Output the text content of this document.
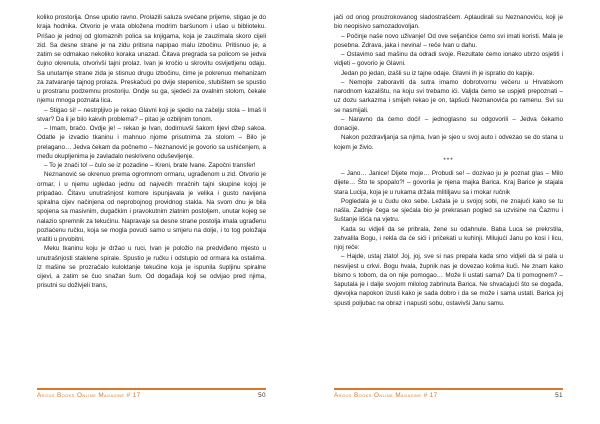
koliko prostorija. Onse uputio ravno. Prolazili saluza svečane prijeme, stigao je do kraja hodnika. Otvorio je vrata obložena modrim baršunom i ušao u biblioteku. Prišao je jednoj od glomaznih polica sa knjigama, koja je zauzimala skoro cijeli zid. Sa desne strane je na zidu pritisna napipao malu izbočinu. Pritisnuo je, a zatim se odmakao nekoliko koraka unazad. Čitava pregrada sa policom se jedva čujno okrenula, otvorivši tajni prolaz. Ivan je kročio u skrovitu osvijetljenu odaju. Sa unutarnje strane zida je stisnuo drugu izbočinu, čime je pokrenuo mehanizam za zatvaranje tajnog prolaza. Preskačući po dvije stepenice, stubištem se spustio u prostranu podzemnu prostoriju. Ondje su ga, sjedeći za ovalnim stolom, čekale njemu mnoga poznata lica.

– Stigao si! – nestrpljivo je rekao Glavni koji je sjedio na začelju stola – Imaš li stvar? Da li je bilo kakvih problema? – pitao je ozbiljnim tonom.

– Imam, bračo. Ovdje je! – rekao je Ivan, dodirnuvši šakom lijevi džep sakoa. Odatle je izvadio tkaninu i mahnuo njome prisutnima za stolom – Bilo je prelagano… Jedva čekam da počnemo – Neznanović je govorio sa ushićenjem, a među okupljenima je zavladalo neskriveno oduševljenje.

– To je znači to! – čulo se iz pozadine – Kreni, brate Ivane. Započni transfer!

Neznanović se okrenuo prema ogromnom ormaru, ugrađenom u zid. Otvorio je ormar, i u njemu ugledao jednu od najvećih mračnih tajni skupine kojoj je pripadao. Čitavu unutrašnjost komore ispunjavala je velika i gusto navijena spiralna cijev načinjena od neprobojnog providnog stakla. Na svom dnu je bila spojena sa masivnim, dugačkim i pravokutnim zlatnim postoljem, unutar kojeg se nalazio spremnik za tekućinu. Napravaje sa desne strane postolja imala ugrađenu pozlaćenu ručku, koja se mogla povući samo u smjeru na dolje, i to tog položaja vratiti u prvobitni.

Meku tkaninu koju je držao u ruci, Ivan je položio na predviđeno mjesto u unutrašnjosti staklene spirale. Spustio je ručku i odstupio od ormara ka ostalima. Iz mašine se prozračalo kuloktanje tekućine koja je ispunila šupljinu spiralne cijevi, a zatim se čuo snažan šum. Od događaja koji se odvijao pred njima, prisutni su doživjeli trans,

Argus Books Online Magazine # 17	50

jači od onog prouzrokovanog sladostrašćem. Aplaudirali su Neznanoviću, koji je bio neopisivo samozadovoljan.

– Počinje naše novo uživanje! Od ove seljančice ćemo svi imati koristi. Mala je posebna. Zdrava, jaka i nevina! – reče Ivan u dahu.

– Ostavimo sad mašinu da odradi svoje. Rezultate ćemo ionako ubrzo osjetiti i vidjeti – govorio je Glavni.

Jedan po jedan, izašli su iz tajne odaje. Glavni ih je ispratio do kapije.

– Nemojte zaboraviti da sutra imamo dobrotvornu večeru u Hrvatskom narodnom kazalištu, na koju svi trebamo ići. Valjda ćemo se uspjeti prepoznati – uz dozu sarkazma i smijeh rekao je on, tapšući Neznanovića po ramenu. Svi su se nasmijali.

– Naravno da ćemo doći! – jednoglasno su odgovorili – Jedva čekamo donacije.

Nakon pozdravljanja sa njima, Ivan je sjeo u svoj auto i odvezao se do stana u kojem je živio.

***

– Jano… Janice! Dijete moje… Probudi se! – dozivao ju je poznat glas – Milo dijete… Što te spopalo?! – govorila je njena majka Barica. Kraj Barice je stajala stara Lucija, koja je u rukama držala mlitiljavu sa i mokar ručnik

Pogledala je u čudu oko sebe. Ležala je u svojoj sobi, ne znajući kako se tu našla. Zadnje čega se sjećala bio je prekrasan pogled sa uzvisine na Čazmu i šuštanje lišća na vjetru.

Kada su vidjeli da se pribrala, žene su odahnule. Baba Luca se prekrstila, zahvalila Bogu, i rekla da će sići i pričekati u kuhinji. Milujući Janu po kosi i licu, njoj reče:

– Hajde, ustaj zlato! Joj, joj, sve si nas prepala kada smo vidjeli da si pala u nesvijest u crkvi. Bogu hvala, župnik nas je dovezao kolima kući. Ne znam kako bismo s tobom, da on nije pomogao… Može li ustati sama? Da ti pomognem? – šaputala je i dalje svojom milolog zabrinuta Barica. Ne shvaćajući što se događa, djevojka napokon izusti kako je sada dobro i da se može i sama ustati. Barica joj spusti poljubac na obraz i napusti sobu, ostavivši Janu samu.

Argus Books Online Magazine # 17	51
